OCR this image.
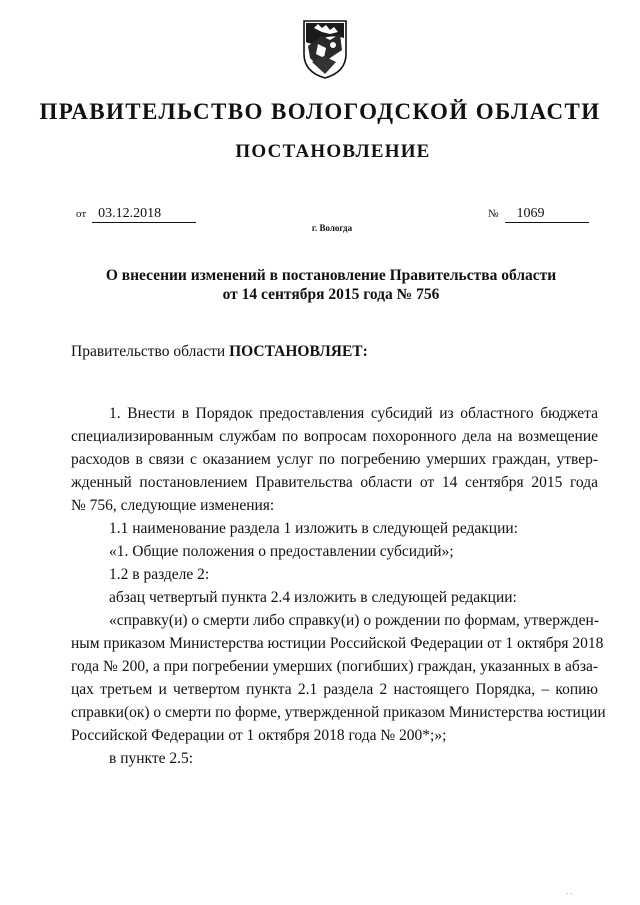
ПРАВИТЕЛЬСТВО ВОЛОГОДСКОЙ ОБЛАСТИ
ПОСТАНОВЛЕНИЕ
от 03.12.2018	№ 1069
г. Вологда
О внесении изменений в постановление Правительства области
от 14 сентября 2015 года № 756
Правительство области ПОСТАНОВЛЯЕТ:
1. Внести в Порядок предоставления субсидий из областного бюджета
специализированным службам по вопросам похоронного дела на возмещение
расходов в связи с оказанием услуг по погребению умерших граждан, утвер-
жденный постановлением Правительства области от 14 сентября 2015 года
№ 756, следующие изменения:
1.1 наименование раздела 1 изложить в следующей редакции:
«1. Общие положения о предоставлении субсидий»;
1.2 в разделе 2:
абзац четвертый пункта 2.4 изложить в следующей редакции:
«справку(и) о смерти либо справку(и) о рождении по формам, утвержден-
ным приказом Министерства юстиции Российской Федерации от 1 октября 2018
года № 200, а при погребении умерших (погибших) граждан, указанных в абза-
цах третьем и четвертом пункта 2.1 раздела 2 настоящего Порядка, – копию
справки(ок) о смерти по форме, утвержденной приказом Министерства юстиции
Российской Федерации от 1 октября 2018 года № 200*;»;
в пункте 2.5:
· ·
